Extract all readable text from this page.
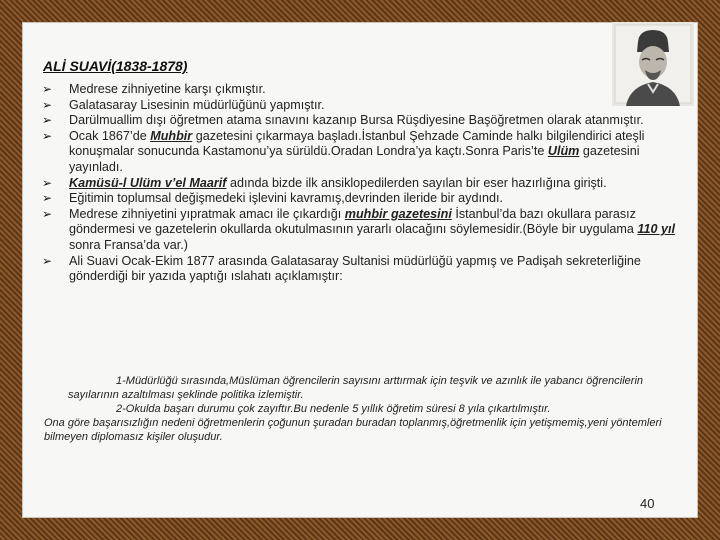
ALİ SUAVİ(1838-1878)
➢ Medrese zihniyetine karşı çıkmıştır.
➢ Galatasaray Lisesinin müdürlüğünü yapmıştır.
➢ Darülmuallim dışı öğretmen atama sınavını kazanıp Bursa Rüşdiyesine Başöğretmen olarak atanmıştır.
➢ Ocak 1867’de Muhbir gazetesini çıkarmaya başladı.İstanbul Şehzade Caminde halkı bilgilendirici ateşli konuşmalar sonucunda Kastamonu’ya sürüldü.Oradan Londra’ya kaçtı.Sonra Paris’te Ulüm gazetesini yayınladı.
➢ Kamüsü-l Ulüm v’el Maarif adında bizde ilk ansiklopedilerden sayılan bir eser hazırlığına girişti.
➢ Eğitimin toplumsal değişmedeki işlevini kavramış,devrinden ileride bir aydındı.
➢ Medrese zihniyetini yıpratmak amacı ile çıkardığı muhbir gazetesini İstanbul’da bazı okullara parasız göndermesi ve gazetelerin okullarda okutulmasının yararlı olacağını söylemesidir.(Böyle bir uygulama 110 yıl sonra Fransa’da var.)
➢ Ali Suavi Ocak-Ekim 1877 arasında Galatasaray Sultanisi müdürlüğü yapmış ve Padişah sekreterliğine gönderdiği bir yazıda yaptığı ıslahatı açıklamıştır:

1-Müdürlüğü sırasında,Müslüman öğrencilerin sayısını arttırmak için teşvik ve azınlık ile yabancı öğrencilerin sayılarının azaltılması şeklinde politika izlemiştir.

2-Okulda başarı durumu çok zayıftır.Bu nedenle 5 yıllık öğretim süresi 8 yıla çıkartılmıştır.

Ona göre başarısızlığın nedeni öğretmenlerin çoğunun şuradan buradan toplanmış,öğretmenlik için yetişmemiş,yeni yöntemleri bilmeyen diplomasız kişiler oluşudur.

40
